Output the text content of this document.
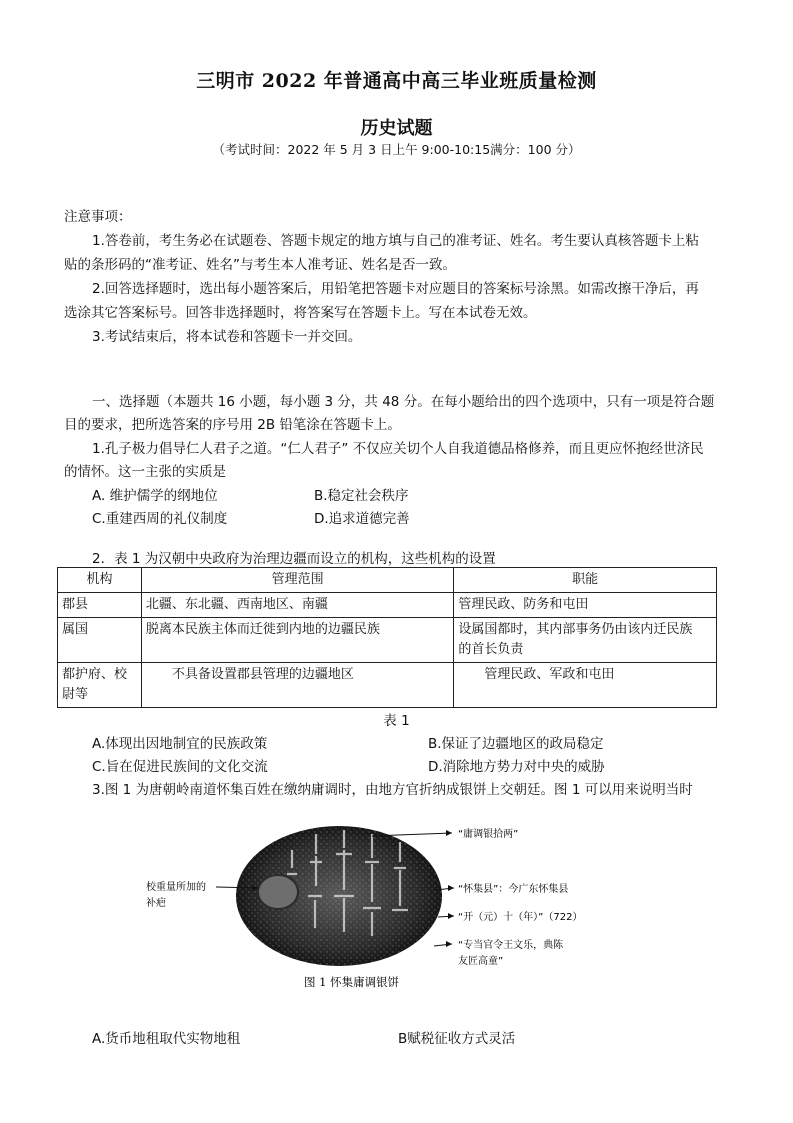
三明市 2022 年普通高中高三毕业班质量检测
历史试题
（考试时间：2022 年 5 月 3 日上午 9:00-10:15满分：100 分）
注意事项：
1.答卷前，考生务必在试题卷、答题卡规定的地方填与自己的准考证、姓名。考生要认真核答题卡上粘
贴的条形码的“准考证、姓名”与考生本人准考证、姓名是否一致。
2.回答选择题时，选出每小题答案后，用铅笔把答题卡对应题目的答案标号涂黑。如需改擦干净后，再
选涂其它答案标号。回答非选择题时，将答案写在答题卡上。写在本试卷无效。
3.考试结束后，将本试卷和答题卡一并交回。
一、选择题（本题共 16 小题，每小题 3 分，共 48 分。在每小题给出的四个选项中，只有一项是符合题
目的要求，把所选答案的序号用 2B 铅笔涂在答题卡上。
1.孔子极力倡导仁人君子之道。“仁人君子” 不仅应关切个人自我道德品格修养，而且更应怀抱经世济民
的情怀。这一主张的实质是
A. 维护儒学的纲地位	B.稳定社会秩序
C.重建西周的礼仪制度	D.追求道德完善
2．表 1 为汉朝中央政府为治理边疆而设立的机构，这些机构的设置
机构	管理范围	职能
郡县	北疆、东北疆、西南地区、南疆	管理民政、防务和屯田
属国	脱离本民族主体而迁徙到内地的边疆民族	设属国都时，其内部事务仍由该内迁民族
的首长负责

都护府、校
尉等	不具备设置郡县管理的边疆地区	管理民政、军政和屯田
表 1
A.体现出因地制宜的民族政策	B.保证了边疆地区的政局稳定
C.旨在促进民族间的文化交流	D.消除地方势力对中央的威胁
3.图 1 为唐朝岭南道怀集百姓在缴纳庸调时，由地方官折纳成银饼上交朝廷。图 1 可以用来说明当时
校重量所加的
补疤
“庸调银拾两”
“怀集县”：今广东怀集县
“开（元）十（年）”（722）
“专当官令王文乐，典陈
友匠高童”
图 1 怀集庸调银饼
A.货币地租取代实物地租	B赋税征收方式灵活
